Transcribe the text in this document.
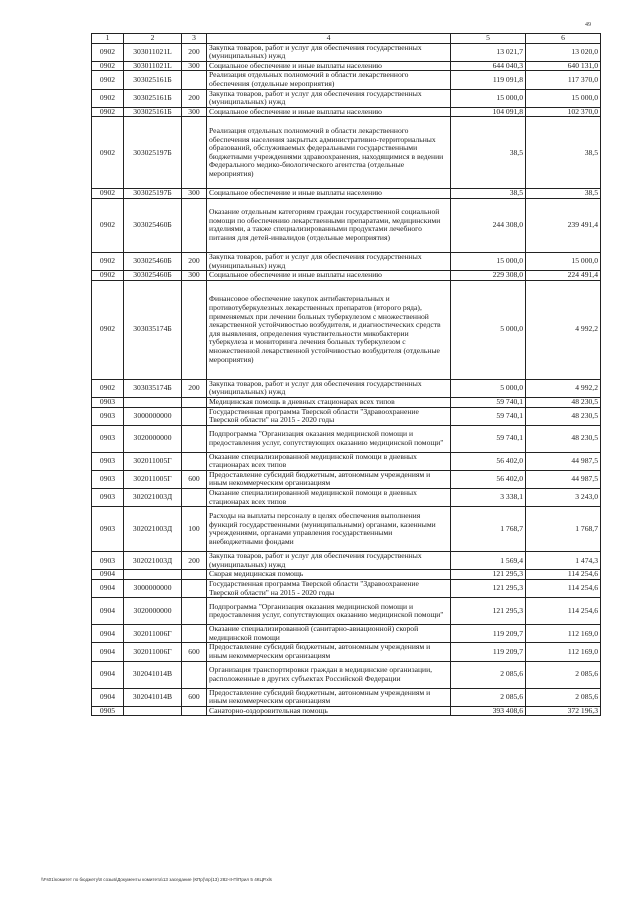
49
1	2	3	4	5	6
0902	303011021L	200	Закупка товаров, работ и услуг для обеспечения государственных (муниципальных) нужд	13 021,7	13 020,0
0902	303011021L	300	Социальное обеспечение и иные выплаты населению	644 040,3	640 131,0
0902	303025161Б		Реализация отдельных полномочий в области лекарственного обеспечения (отдельные мероприятия)	119 091,8	117 370,0
0902	303025161Б	200	Закупка товаров, работ и услуг для обеспечения государственных (муниципальных) нужд	15 000,0	15 000,0
0902	303025161Б	300	Социальное обеспечение и иные выплаты населению	104 091,8	102 370,0
0902	303025197Б		Реализация отдельных полномочий в области лекарственного обеспечения населения закрытых административно-территориальных образований, обслуживаемых федеральными государственными бюджетными учреждениями здравоохранения, находящимися в ведении Федерального медико-биологического агентства (отдельные мероприятия)	38,5	38,5
0902	303025197Б	300	Социальное обеспечение и иные выплаты населению	38,5	38,5
0902	303025460Б		Оказание отдельным категориям граждан государственной социальной помощи по обеспечению лекарственными препаратами, медицинскими изделиями, а также специализированными продуктами лечебного питания для детей-инвалидов (отдельные мероприятия)	244 308,0	239 491,4
0902	303025460Б	200	Закупка товаров, работ и услуг для обеспечения государственных (муниципальных) нужд	15 000,0	15 000,0
0902	303025460Б	300	Социальное обеспечение и иные выплаты населению	229 308,0	224 491,4
0902	303035174Б		Финансовое обеспечение закупок антибактериальных и противотуберкулезных лекарственных препаратов (второго ряда), применяемых при лечении больных туберкулезом с множественной лекарственной устойчивостью возбудителя, и диагностических средств для выявления, определения чувствительности микобактерии туберкулеза и мониторинга лечения больных туберкулезом с множественной лекарственной устойчивостью возбудителя (отдельные мероприятия)	5 000,0	4 992,2
0902	303035174Б	200	Закупка товаров, работ и услуг для обеспечения государственных (муниципальных) нужд	5 000,0	4 992,2
0903			Медицинская помощь в дневных стационарах всех типов	59 740,1	48 230,5
0903	3000000000		Государственная программа Тверской области "Здравоохранение Тверской области" на 2015 - 2020 годы	59 740,1	48 230,5
0903	3020000000		Подпрограмма "Организация оказания медицинской помощи и предоставления услуг, сопутствующих оказанию медицинской помощи"	59 740,1	48 230,5
0903	302011005Г		Оказание специализированной медицинской помощи в дневных стационарах всех типов	56 402,0	44 987,5
0903	302011005Г	600	Предоставление субсидий бюджетным, автономным учреждениям и иным некоммерческим организациям	56 402,0	44 987,5
0903	302021003Д		Оказание специализированной медицинской помощи в дневных стационарах всех типов	3 338,1	3 243,0
0903	302021003Д	100	Расходы на выплаты персоналу в целях обеспечения выполнения функций государственными (муниципальными) органами, казенными учреждениями, органами управления государственными внебюджетными фондами	1 768,7	1 768,7
0903	302021003Д	200	Закупка товаров, работ и услуг для обеспечения государственных (муниципальных) нужд	1 569,4	1 474,3
0904			Скорая медицинская помощь	121 295,3	114 254,6
0904	3000000000		Государственная программа Тверской области "Здравоохранение Тверской области" на 2015 - 2020 годы	121 295,3	114 254,6
0904	3020000000		Подпрограмма "Организация оказания медицинской помощи и предоставления услуг, сопутствующих оказанию медицинской помощи"	121 295,3	114 254,6
0904	302011006Г		Оказание специализированной (санитарно-авиационной) скорой медицинской помощи	119 209,7	112 169,0
0904	302011006Г	600	Предоставление субсидий бюджетным, автономным учреждениям и иным некоммерческим организациям	119 209,7	112 169,0
0904	302041014В		Организация транспортировки граждан в медицинские организации, расположенные в других субъектах Российской Федерации	2 085,6	2 085,6
0904	302041014В	600	Предоставление субсидий бюджетным, автономным учреждениям и иным некоммерческим организациям	2 085,6	2 085,6
0905			Санаторно-оздоровительная помощь	393 408,6	372 196,3
\\Fs01\комитет по бюджету\8 созыв\Документы комитета\13 заседание (КПр)\пр(13) 282-II-П\Прил 5 4КЦР.xls
